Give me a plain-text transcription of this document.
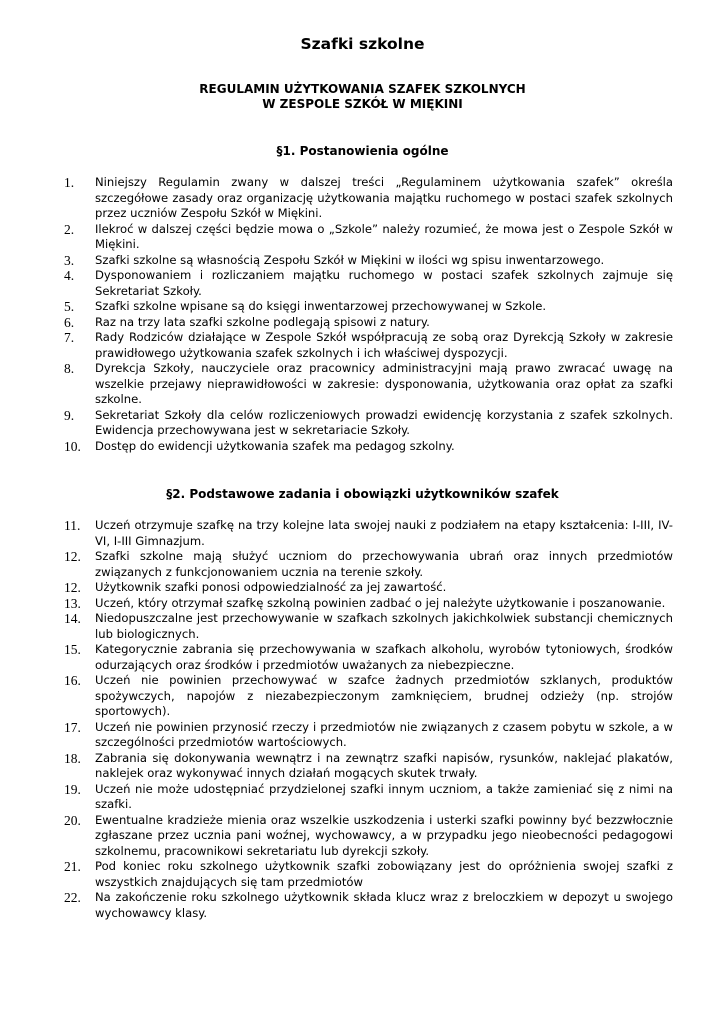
Szafki szkolne
REGULAMIN UŻYTKOWANIA SZAFEK SZKOLNYCH
W ZESPOLE SZKÓŁ W MIĘKINI
§1. Postanowienia ogólne
1.	Niniejszy Regulamin zwany w dalszej treści „Regulaminem użytkowania szafek” określa szczegółowe zasady oraz organizację użytkowania majątku ruchomego w postaci szafek szkolnych przez uczniów Zespołu Szkół w Miękini.
2.	Ilekroć w dalszej części będzie mowa o „Szkole” należy rozumieć, że mowa jest o Zespole Szkół w Miękini.
3.	Szafki szkolne są własnością Zespołu Szkół w Miękini w ilości wg spisu inwentarzowego.
4.	Dysponowaniem i rozliczaniem majątku ruchomego w postaci szafek szkolnych zajmuje się Sekretariat Szkoły.
5.	Szafki szkolne wpisane są do księgi inwentarzowej przechowywanej w Szkole.
6.	Raz na trzy lata szafki szkolne podlegają spisowi z natury.
7.	Rady Rodziców działające w Zespole Szkół współpracują ze sobą oraz Dyrekcją Szkoły w zakresie prawidłowego użytkowania szafek szkolnych i ich właściwej dyspozycji.
8.	Dyrekcja Szkoły, nauczyciele oraz pracownicy administracyjni mają prawo zwracać uwagę na wszelkie przejawy nieprawidłowości w zakresie: dysponowania, użytkowania oraz opłat za szafki szkolne.
9.	Sekretariat Szkoły dla celów rozliczeniowych prowadzi ewidencję korzystania z szafek szkolnych. Ewidencja przechowywana jest w sekretariacie Szkoły.
10.	Dostęp do ewidencji użytkowania szafek ma pedagog szkolny.
§2. Podstawowe zadania i obowiązki użytkowników szafek
11.	Uczeń otrzymuje szafkę na trzy kolejne lata swojej nauki z podziałem na etapy kształcenia: I-III, IV-VI, I-III Gimnazjum.
12.	Szafki szkolne mają służyć uczniom do przechowywania ubrań oraz innych przedmiotów związanych z funkcjonowaniem ucznia na terenie szkoły.
12.	Użytkownik szafki ponosi odpowiedzialność za jej zawartość.
13.	Uczeń, który otrzymał szafkę szkolną powinien zadbać o jej należyte użytkowanie i poszanowanie.
14.	Niedopuszczalne jest przechowywanie w szafkach szkolnych jakichkolwiek substancji chemicznych lub biologicznych.
15.	Kategorycznie zabrania się przechowywania w szafkach alkoholu, wyrobów tytoniowych, środków odurzających oraz środków i przedmiotów uważanych za niebezpieczne.
16.	Uczeń nie powinien przechowywać w szafce żadnych przedmiotów szklanych, produktów spożywczych, napojów z niezabezpieczonym zamknięciem, brudnej odzieży (np. strojów sportowych).
17.	Uczeń nie powinien przynosić rzeczy i przedmiotów nie związanych z czasem pobytu w szkole, a w szczególności przedmiotów wartościowych.
18.	Zabrania się dokonywania wewnątrz i na zewnątrz szafki napisów, rysunków, naklejać plakatów, naklejek oraz wykonywać innych działań mogących skutek trwały.
19.	Uczeń nie może udostępniać przydzielonej szafki innym uczniom, a także zamieniać się z nimi na szafki.
20.	Ewentualne kradzieże mienia oraz wszelkie uszkodzenia i usterki szafki powinny być bezzwłocznie zgłaszane przez ucznia pani woźnej, wychowawcy, a w przypadku jego nieobecności pedagogowi szkolnemu, pracownikowi sekretariatu lub dyrekcji szkoły.
21.	Pod koniec roku szkolnego użytkownik szafki zobowiązany jest do opróżnienia swojej szafki z wszystkich znajdujących się tam przedmiotów
22.	Na zakończenie roku szkolnego użytkownik składa klucz wraz z breloczkiem w depozyt u swojego wychowawcy klasy.
